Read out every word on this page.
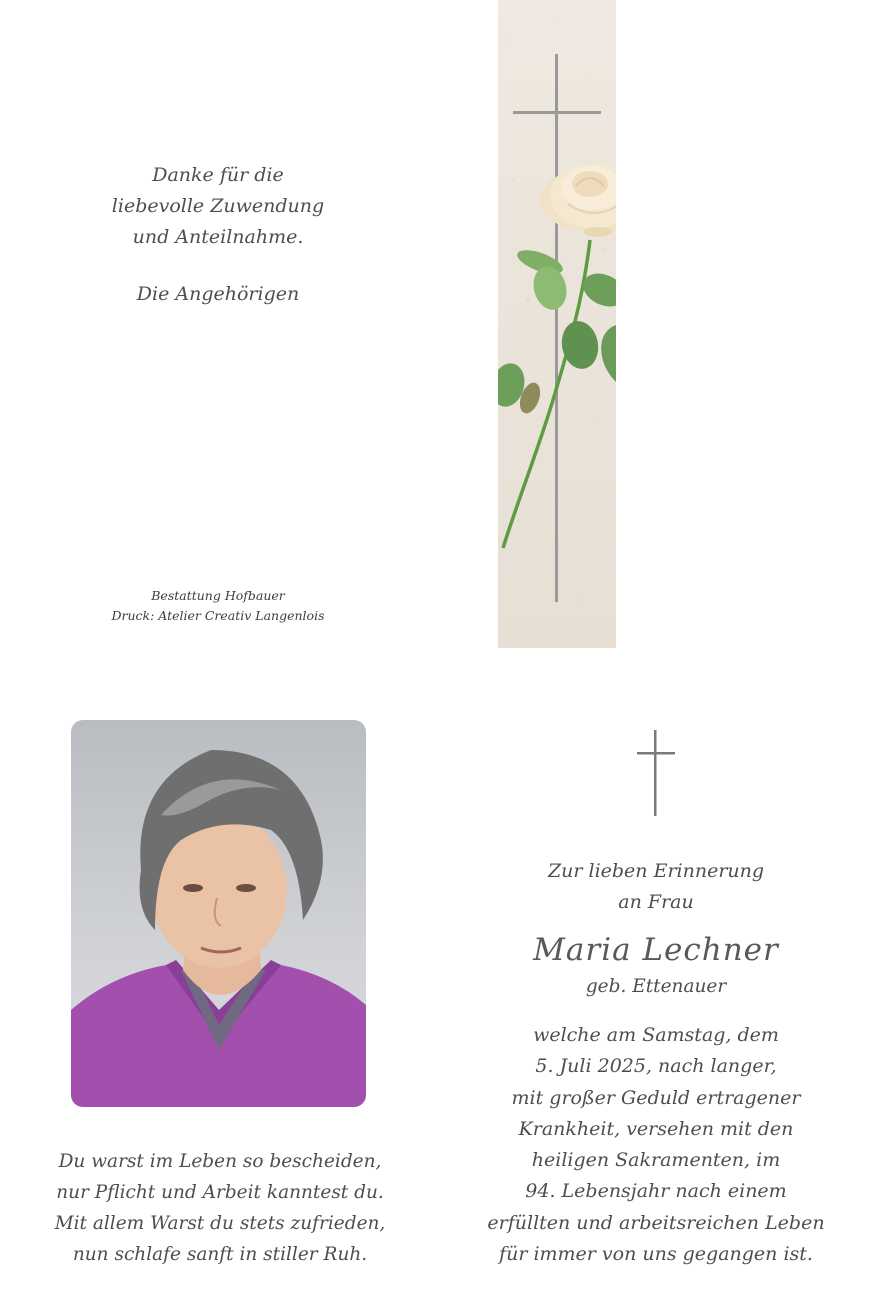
Danke für die
liebevolle Zuwendung
und Anteilnahme.
Die Angehörigen
Bestattung Hofbauer
Druck: Atelier Creativ Langenlois
Du warst im Leben so bescheiden,
nur Pflicht und Arbeit kanntest du.
Mit allem Warst du stets zufrieden,
nun schlafe sanft in stiller Ruh.
Zur lieben Erinnerung
an Frau
Maria Lechner
geb. Ettenauer
welche am Samstag, dem
5. Juli 2025, nach langer,
mit großer Geduld ertragener
Krankheit, versehen mit den
heiligen Sakramenten, im
94. Lebensjahr nach einem
erfüllten und arbeitsreichen Leben
für immer von uns gegangen ist.
